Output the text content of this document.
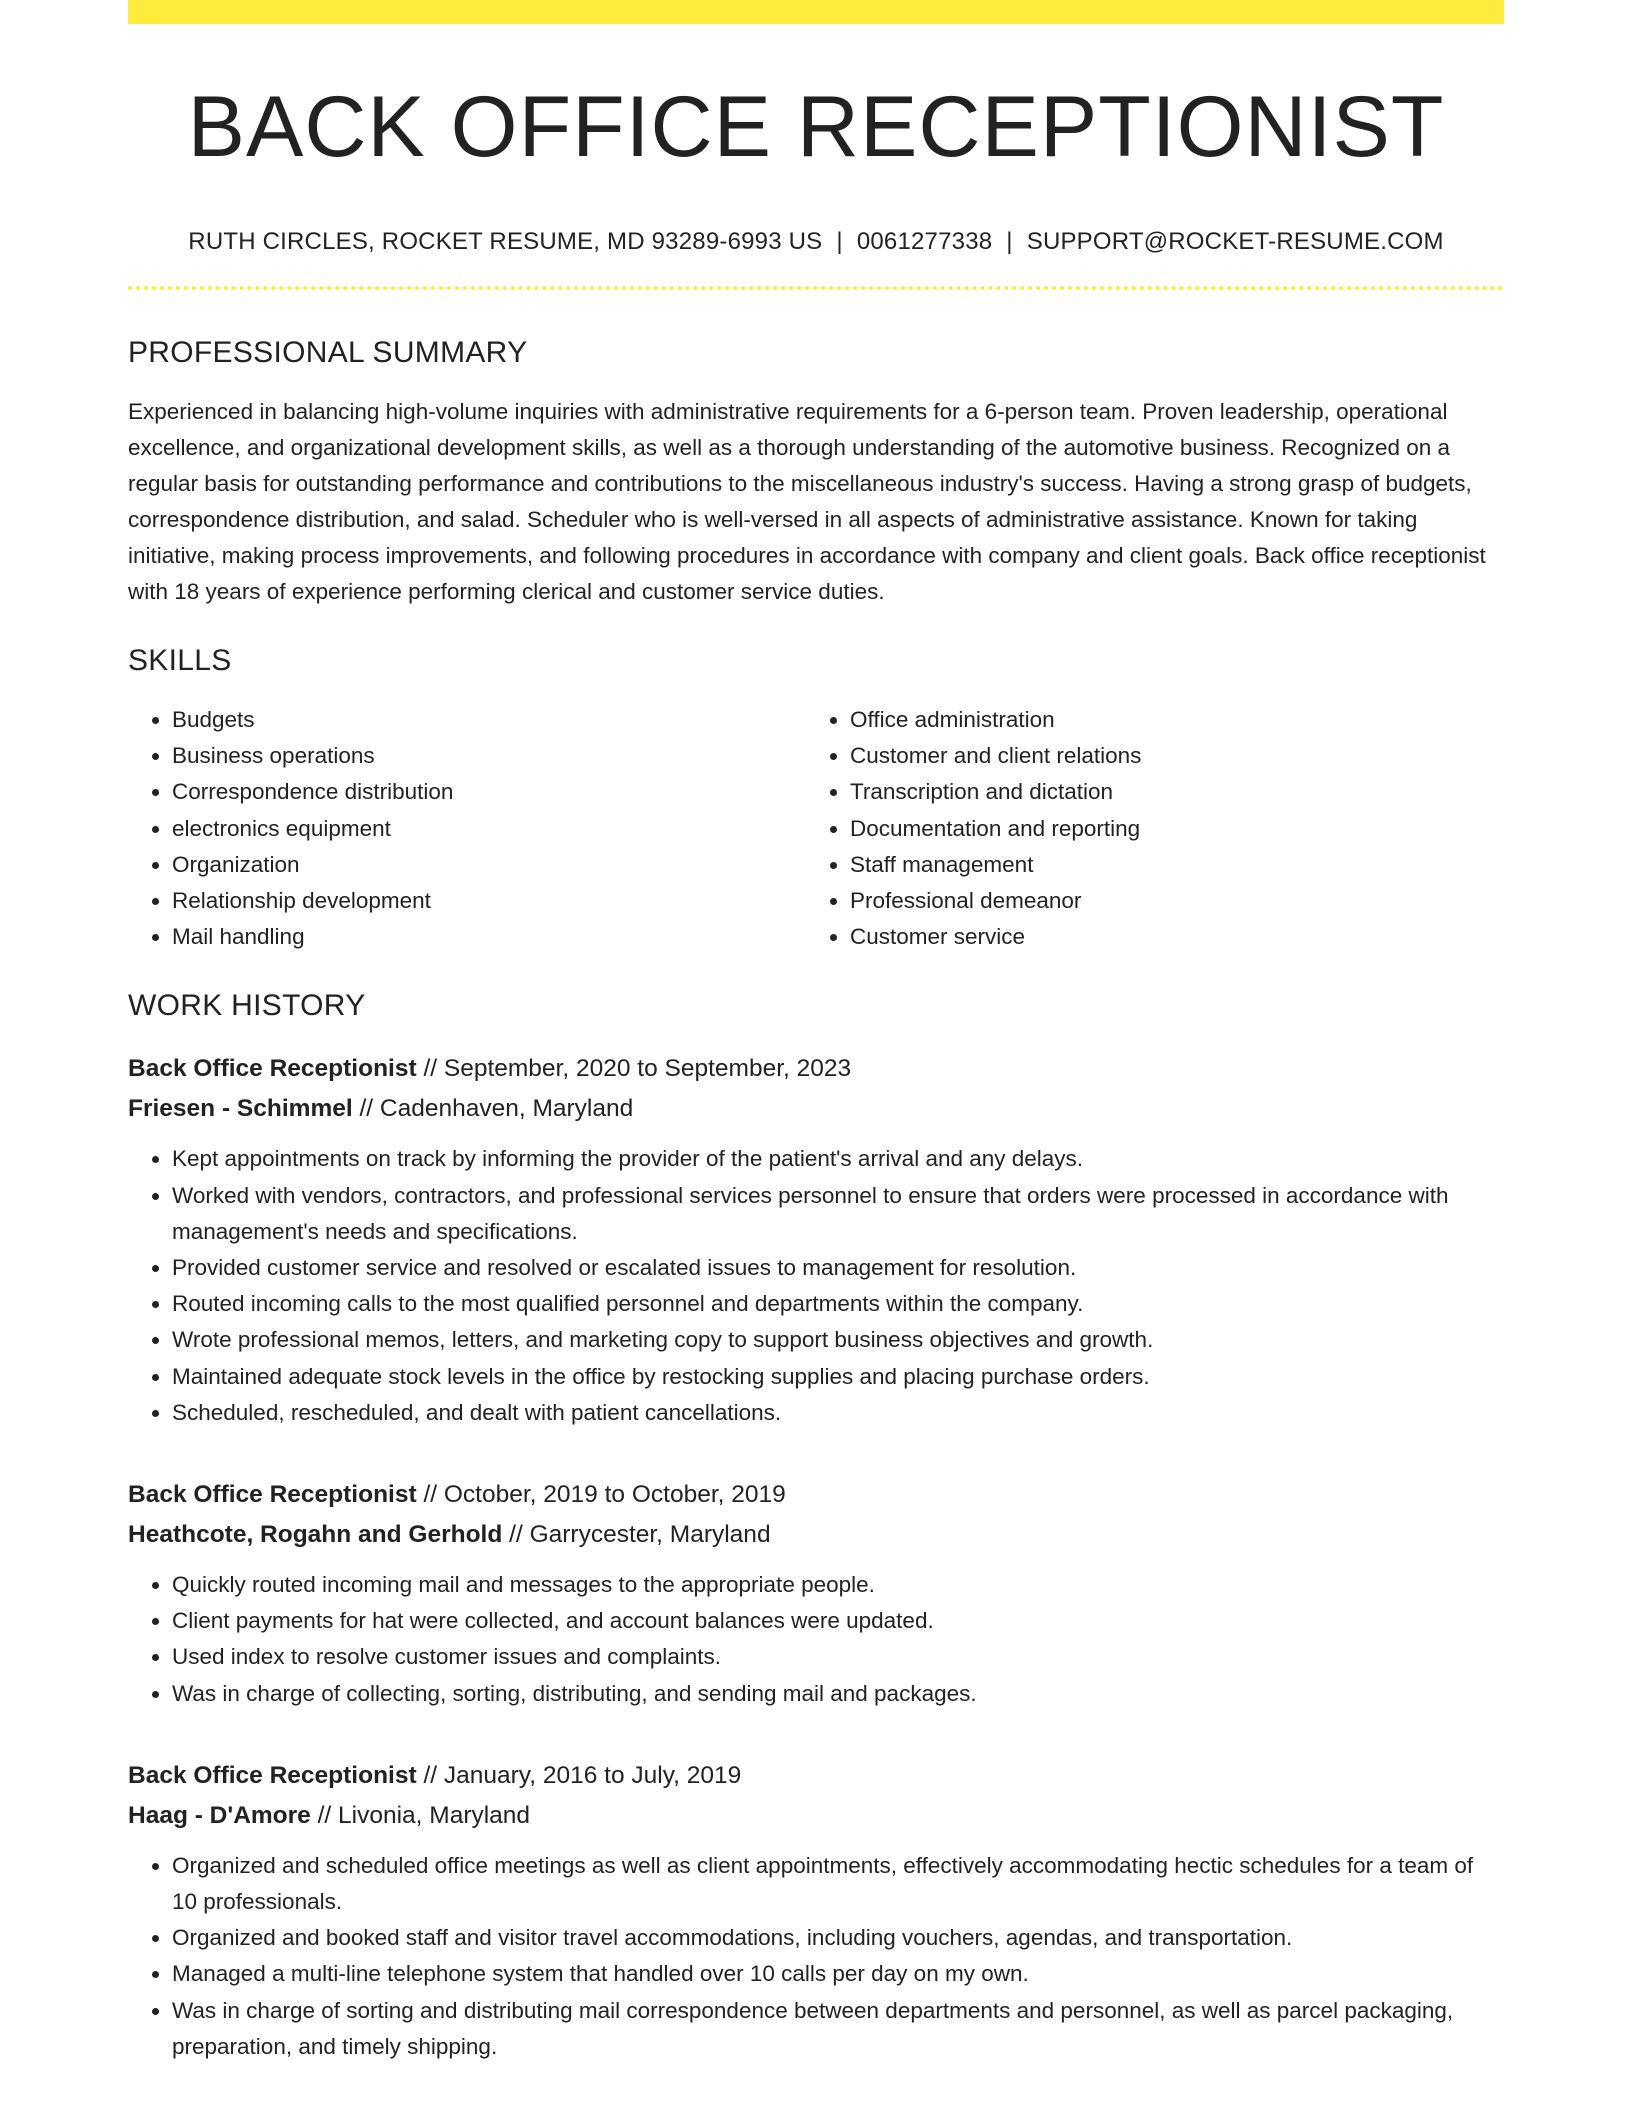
BACK OFFICE RECEPTIONIST
RUTH CIRCLES, ROCKET RESUME, MD 93289-6993 US | 0061277338 | SUPPORT@ROCKET-RESUME.COM
PROFESSIONAL SUMMARY

Experienced in balancing high-volume inquiries with administrative requirements for a 6-person team. Proven leadership, operational excellence, and organizational development skills, as well as a thorough understanding of the automotive business. Recognized on a regular basis for outstanding performance and contributions to the miscellaneous industry's success. Having a strong grasp of budgets, correspondence distribution, and salad. Scheduler who is well-versed in all aspects of administrative assistance. Known for taking initiative, making process improvements, and following procedures in accordance with company and client goals. Back office receptionist with 18 years of experience performing clerical and customer service duties.

SKILLS
• Budgets
• Business operations
• Correspondence distribution
• electronics equipment
• Organization
• Relationship development
• Mail handling
• Office administration
• Customer and client relations
• Transcription and dictation
• Documentation and reporting
• Staff management
• Professional demeanor
• Customer service
WORK HISTORY
Back Office Receptionist // September, 2020 to September, 2023
Friesen - Schimmel // Cadenhaven, Maryland
• Kept appointments on track by informing the provider of the patient's arrival and any delays.
• Worked with vendors, contractors, and professional services personnel to ensure that orders were processed in accordance with management's needs and specifications.
• Provided customer service and resolved or escalated issues to management for resolution.
• Routed incoming calls to the most qualified personnel and departments within the company.
• Wrote professional memos, letters, and marketing copy to support business objectives and growth.
• Maintained adequate stock levels in the office by restocking supplies and placing purchase orders.
• Scheduled, rescheduled, and dealt with patient cancellations.
Back Office Receptionist // October, 2019 to October, 2019
Heathcote, Rogahn and Gerhold // Garrycester, Maryland
• Quickly routed incoming mail and messages to the appropriate people.
• Client payments for hat were collected, and account balances were updated.
• Used index to resolve customer issues and complaints.
• Was in charge of collecting, sorting, distributing, and sending mail and packages.
Back Office Receptionist // January, 2016 to July, 2019
Haag - D'Amore // Livonia, Maryland
• Organized and scheduled office meetings as well as client appointments, effectively accommodating hectic schedules for a team of 10 professionals.
• Organized and booked staff and visitor travel accommodations, including vouchers, agendas, and transportation.
• Managed a multi-line telephone system that handled over 10 calls per day on my own.
• Was in charge of sorting and distributing mail correspondence between departments and personnel, as well as parcel packaging, preparation, and timely shipping.
